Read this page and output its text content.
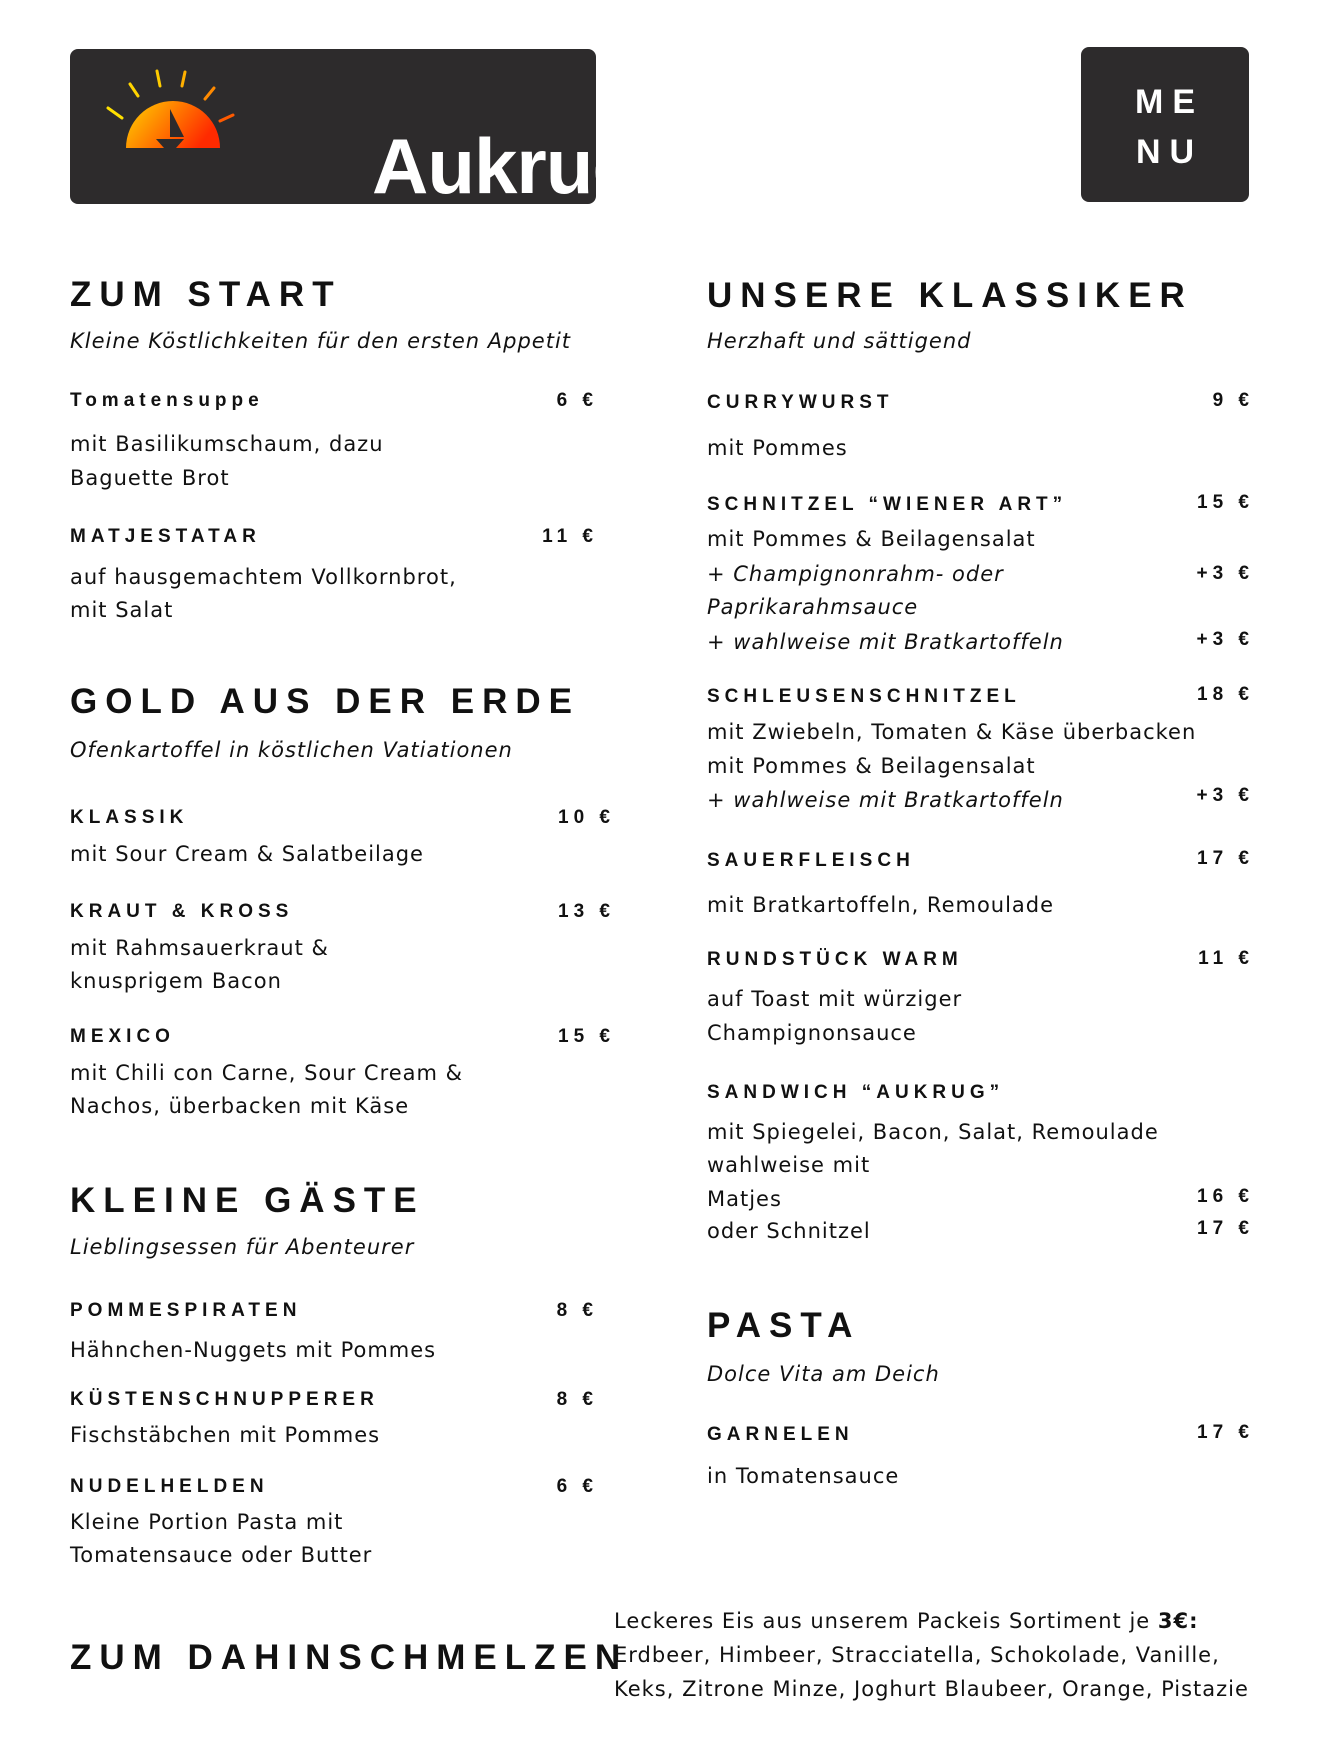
Aukrug
ME
NU
ZUM START
Kleine Köstlichkeiten für den ersten Appetit
Tomatensuppe	6 €
mit Basilikumschaum, dazu
Baguette Brot
MATJESTATAR	11 €
auf hausgemachtem Vollkornbrot,
mit Salat
GOLD AUS DER ERDE
Ofenkartoffel in köstlichen Vatiationen
KLASSIK	10 €
mit Sour Cream & Salatbeilage
KRAUT & KROSS	13 €
mit Rahmsauerkraut &
knusprigem Bacon
MEXICO	15 €
mit Chili con Carne, Sour Cream &
Nachos, überbacken mit Käse
KLEINE GÄSTE
Lieblingsessen für Abenteurer
POMMESPIRATEN	8 €
Hähnchen-Nuggets mit Pommes
KÜSTENSCHNUPPERER	8 €
Fischstäbchen mit Pommes
NUDELHELDEN	6 €
Kleine Portion Pasta mit
Tomatensauce oder Butter
UNSERE KLASSIKER
Herzhaft und sättigend
CURRYWURST	9 €
mit Pommes
SCHNITZEL “WIENER ART”	15 €
mit Pommes & Beilagensalat
+ Champignonrahm- oder	+3 €
Paprikarahmsauce
+ wahlweise mit Bratkartoffeln	+3 €
SCHLEUSENSCHNITZEL	18 €
mit Zwiebeln, Tomaten & Käse überbacken
mit Pommes & Beilagensalat
+ wahlweise mit Bratkartoffeln	+3 €
SAUERFLEISCH	17 €
mit Bratkartoffeln, Remoulade
RUNDSTÜCK WARM	11 €
auf Toast mit würziger
Champignonsauce
SANDWICH “AUKRUG”
mit Spiegelei, Bacon, Salat, Remoulade
wahlweise mit
Matjes	16 €
oder Schnitzel	17 €
PASTA
Dolce Vita am Deich
GARNELEN	17 €
in Tomatensauce
ZUM DAHINSCHMELZEN
Leckeres Eis aus unserem Packeis Sortiment je 3€:
Erdbeer, Himbeer, Stracciatella, Schokolade, Vanille,
Keks, Zitrone Minze, Joghurt Blaubeer, Orange, Pistazie
